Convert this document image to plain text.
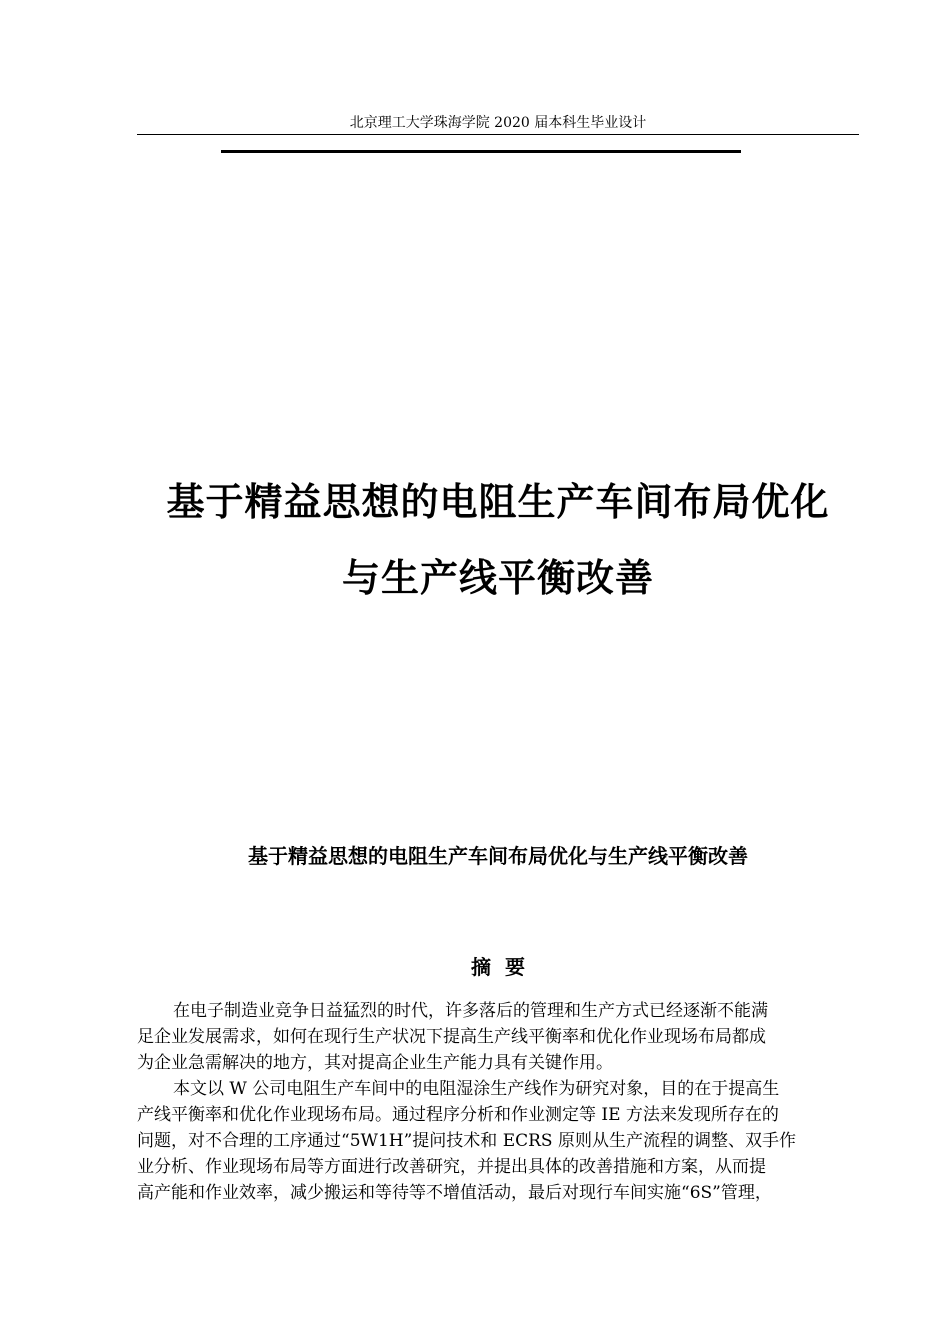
北京理工大学珠海学院 2020 届本科生毕业设计
基于精益思想的电阻生产车间布局优化
与生产线平衡改善
基于精益思想的电阻生产车间布局优化与生产线平衡改善
摘要
在电子制造业竞争日益猛烈的时代，许多落后的管理和生产方式已经逐渐不能满
足企业发展需求，如何在现行生产状况下提高生产线平衡率和优化作业现场布局都成
为企业急需解决的地方，其对提高企业生产能力具有关键作用。
本文以 W 公司电阻生产车间中的电阻湿涂生产线作为研究对象，目的在于提高生
产线平衡率和优化作业现场布局。通过程序分析和作业测定等 IE 方法来发现所存在的
问题，对不合理的工序通过“5W1H”提问技术和 ECRS 原则从生产流程的调整、双手作
业分析、作业现场布局等方面进行改善研究，并提出具体的改善措施和方案，从而提
高产能和作业效率，减少搬运和等待等不增值活动，最后对现行车间实施“6S”管理，
